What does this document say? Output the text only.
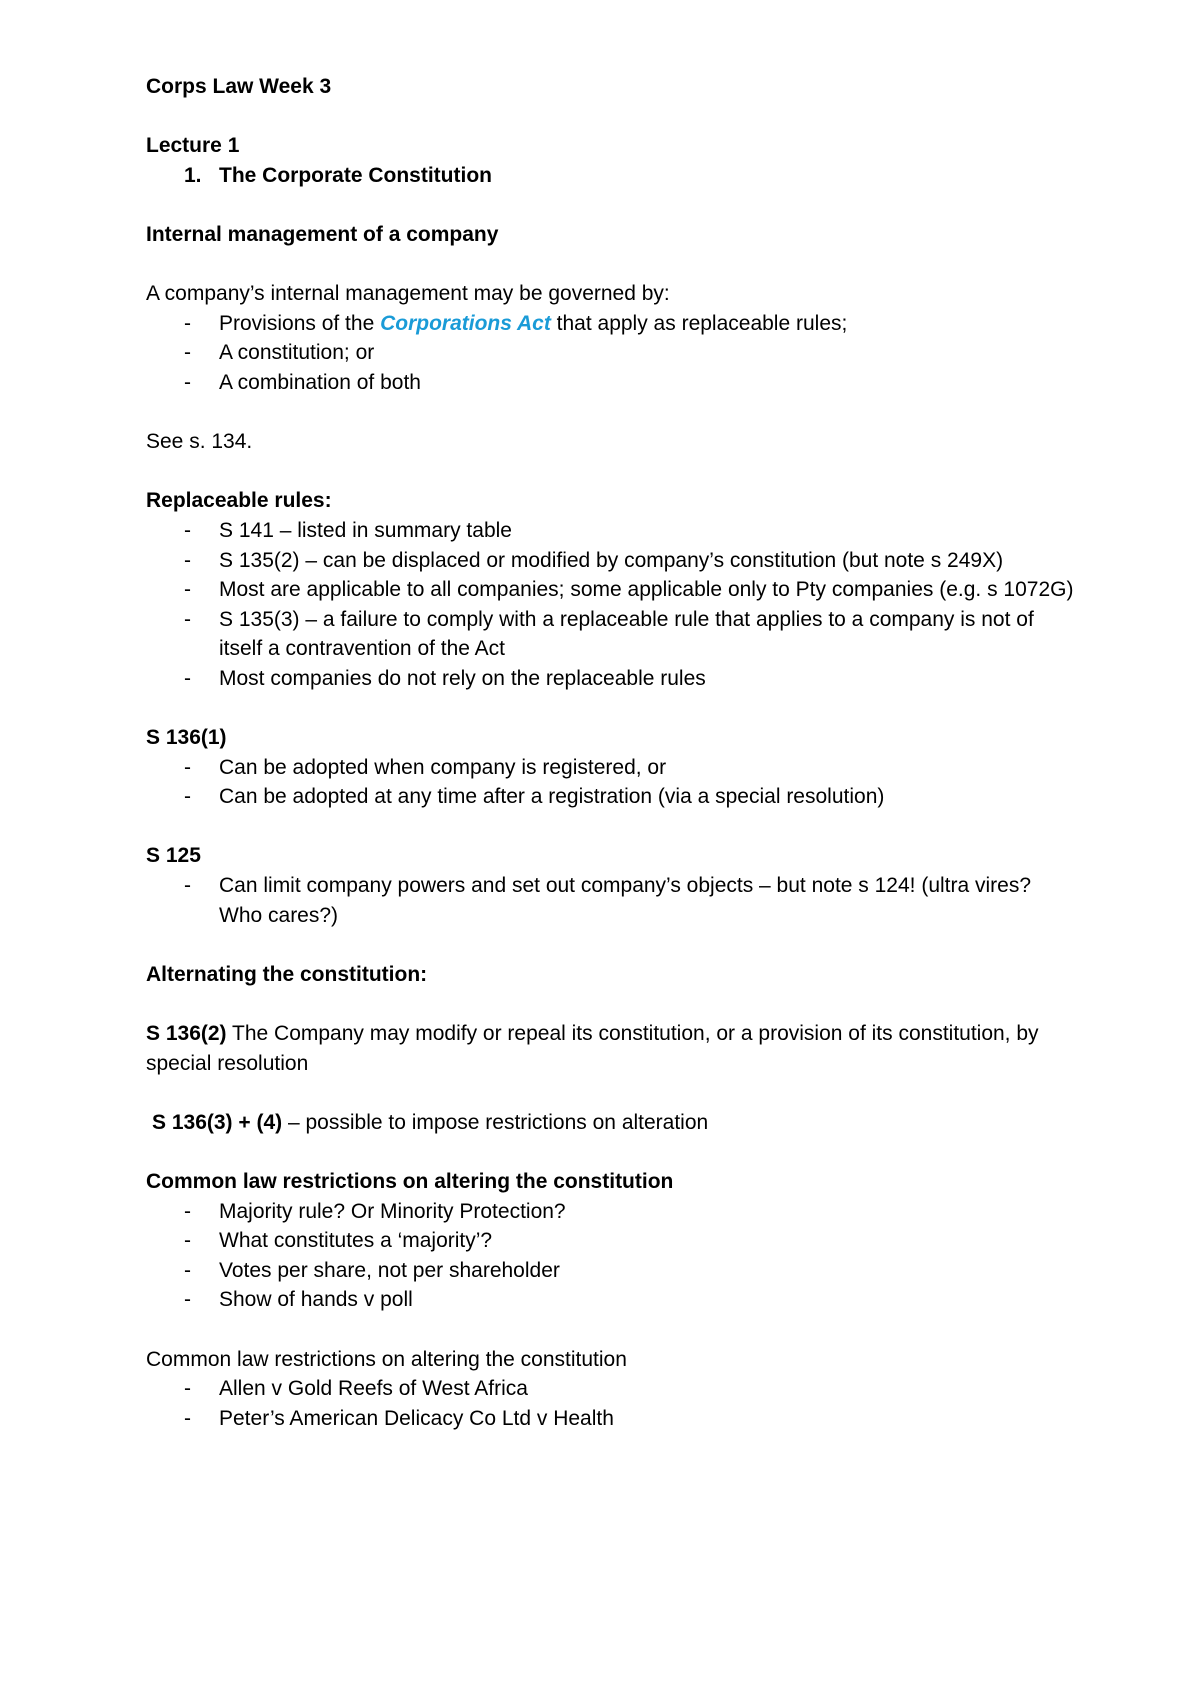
Corps Law Week 3

Lecture 1

1. The Corporate Constitution

Internal management of a company

A company’s internal management may be governed by:

- Provisions of the Corporations Act that apply as replaceable rules;
- A constitution; or
- A combination of both

See s. 134.

Replaceable rules:

- S 141 – listed in summary table
- S 135(2) – can be displaced or modified by company’s constitution (but note s 249X)
- Most are applicable to all companies; some applicable only to Pty companies (e.g. s 1072G)
- S 135(3) – a failure to comply with a replaceable rule that applies to a company is not of itself a contravention of the Act
- Most companies do not rely on the replaceable rules

S 136(1)

- Can be adopted when company is registered, or
- Can be adopted at any time after a registration (via a special resolution)

S 125

- Can limit company powers and set out company’s objects – but note s 124! (ultra vires? Who cares?)

Alternating the constitution:

S 136(2) The Company may modify or repeal its constitution, or a provision of its constitution, by special resolution

S 136(3) + (4) – possible to impose restrictions on alteration

Common law restrictions on altering the constitution

- Majority rule? Or Minority Protection?
- What constitutes a ‘majority’?
- Votes per share, not per shareholder
- Show of hands v poll

Common law restrictions on altering the constitution

- Allen v Gold Reefs of West Africa
- Peter’s American Delicacy Co Ltd v Health
